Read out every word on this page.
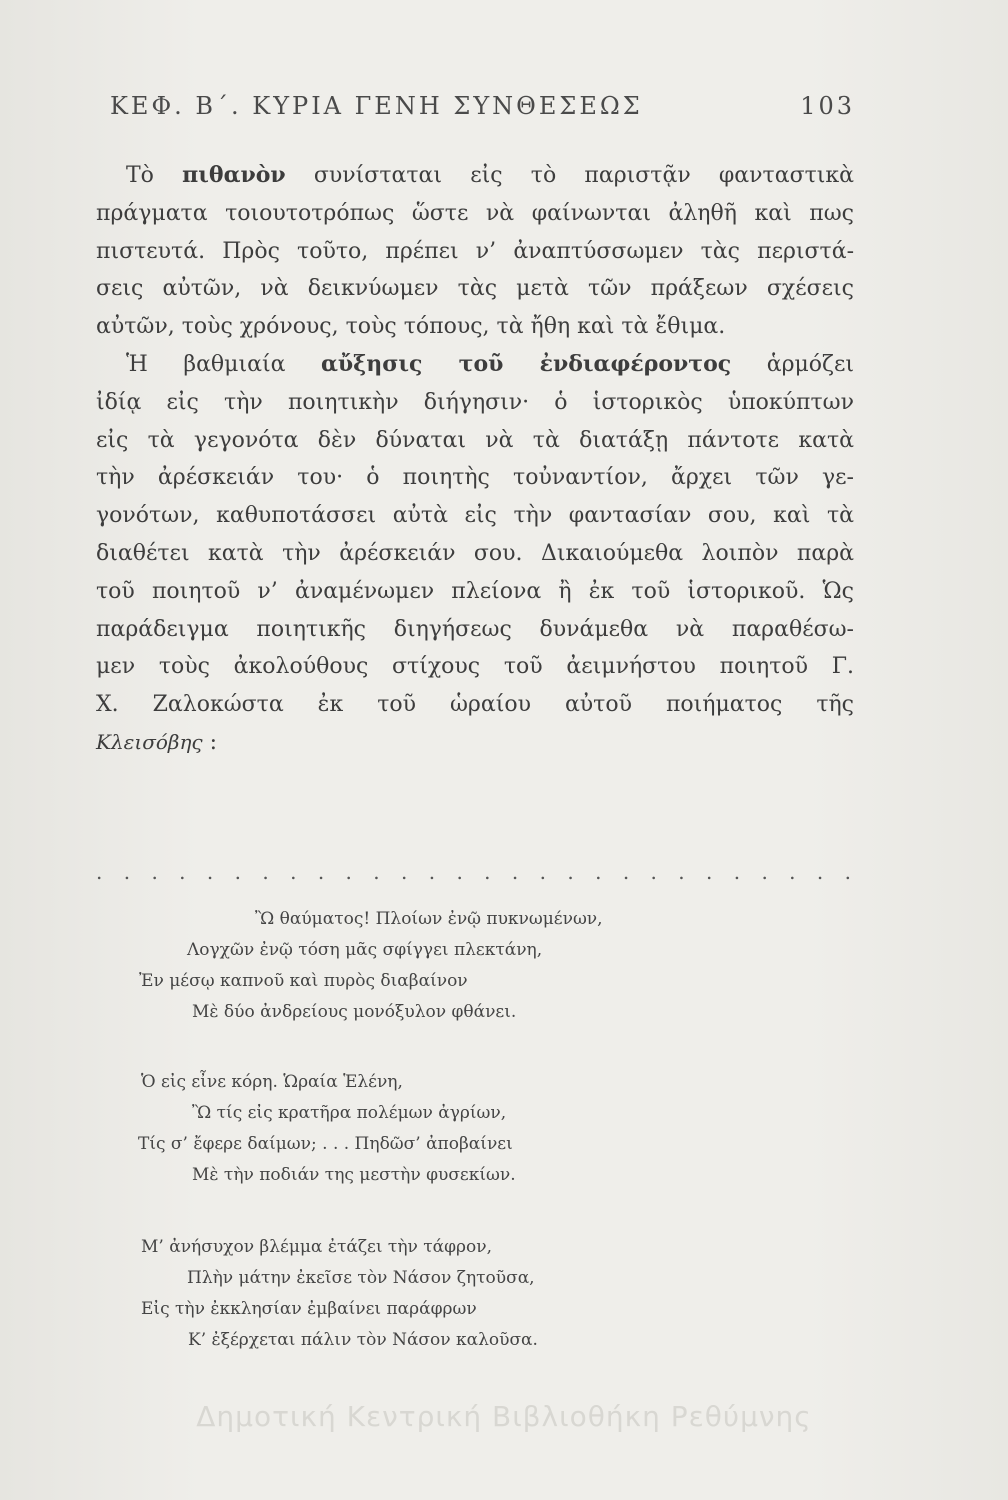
ΚΕΦ. Β΄. ΚΥΡΙΑ ΓΕΝΗ ΣΥΝΘΕΣΕΩΣ	103
Τὸ πιθανὸν συνίσταται εἰς τὸ παριστᾷν φανταστικὰ
πράγματα τοιουτοτρόπως ὥστε νὰ φαίνωνται ἀληθῆ καὶ πως
πιστευτά. Πρὸς τοῦτο, πρέπει ν’ ἀναπτύσσωμεν τὰς περιστά-
σεις αὐτῶν, νὰ δεικνύωμεν τὰς μετὰ τῶν πράξεων σχέσεις
αὐτῶν, τοὺς χρόνους, τοὺς τόπους, τὰ ἤθη καὶ τὰ ἔθιμα.
Ἡ βαθμιαία αὔξησις τοῦ ἐνδιαφέροντος ἁρμόζει
ἰδίᾳ εἰς τὴν ποιητικὴν διήγησιν· ὁ ἱστορικὸς ὑποκύπτων
εἰς τὰ γεγονότα δὲν δύναται νὰ τὰ διατάξῃ πάντοτε κατὰ
τὴν ἀρέσκειάν του· ὁ ποιητὴς τοὐναντίον, ἄρχει τῶν γε-
γονότων, καθυποτάσσει αὐτὰ εἰς τὴν φαντασίαν σου, καὶ τὰ
διαθέτει κατὰ τὴν ἀρέσκειάν σου. Δικαιούμεθα λοιπὸν παρὰ
τοῦ ποιητοῦ ν’ ἀναμένωμεν πλείονα ἢ ἐκ τοῦ ἱστορικοῦ. Ὡς
παράδειγμα ποιητικῆς διηγήσεως δυνάμεθα νὰ παραθέσω-
μεν τοὺς ἀκολούθους στίχους τοῦ ἀειμνήστου ποιητοῦ Γ.
Χ. Ζαλοκώστα ἐκ τοῦ ὡραίου αὐτοῦ ποιήματος τῆς
Κλεισόβης :
. . . . . . . . . . . . . . . . . . . . . . . . . . . .
Ὢ θαύματος! Πλοίων ἐνῷ πυκνωμένων,
Λογχῶν ἐνῷ τόση μᾶς σφίγγει πλεκτάνη,
Ἐν μέσῳ καπνοῦ καὶ πυρὸς διαβαίνον
Μὲ δύο ἀνδρείους μονόξυλον φθάνει.
Ὁ εἰς εἶνε κόρη. Ὡραία Ἑλένη,
Ὢ τίς εἰς κρατῆρα πολέμων ἀγρίων,
Τίς σ’ ἔφερε δαίμων; . . . Πηδῶσ’ ἀποβαίνει
Μὲ τὴν ποδιάν της μεστὴν φυσεκίων.
Μ’ ἀνήσυχον βλέμμα ἐτάζει τὴν τάφρον,
Πλὴν μάτην ἐκεῖσε τὸν Νάσον ζητοῦσα,
Εἰς τὴν ἐκκλησίαν ἐμβαίνει παράφρων
Κ’ ἐξέρχεται πάλιν τὸν Νάσον καλοῦσα.
Δημοτική Κεντρική Βιβλιοθήκη Ρεθύμνης
